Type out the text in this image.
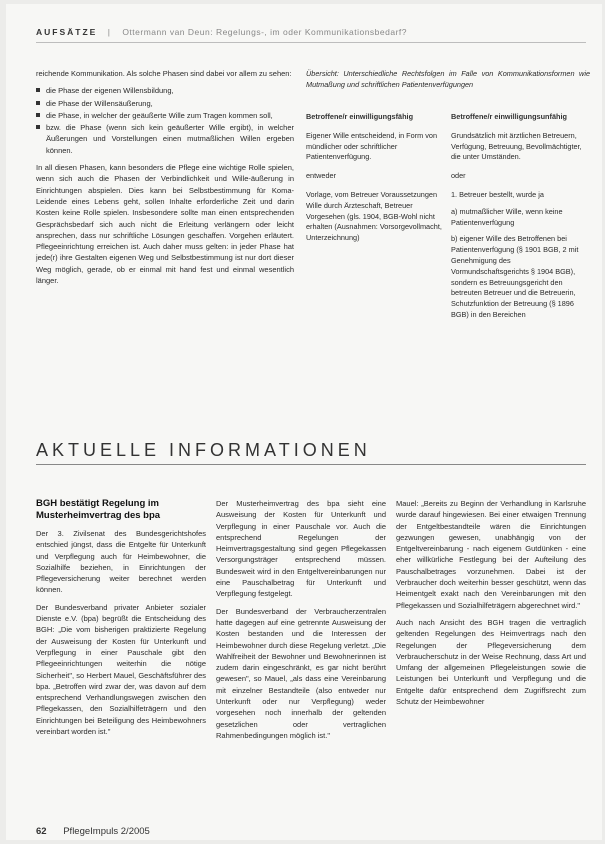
AUFSÄTZE | Ottermann van Deun: Regelungs-, im oder Kommunikationsbedarf?

reichende Kommunikation. Als solche Phasen sind dabei vor allem zu sehen:

die Phase der eigenen Willensbildung,
die Phase der Willensäußerung,
die Phase, in welcher der geäußerte Wille zum Tragen kommen soll,
bzw. die Phase (wenn sich kein geäußerter Wille ergibt), in welcher Äußerungen und Vorstellungen einen mutmaßlichen Willen ergeben können.

In all diesen Phasen, kann besonders die Pflege eine wichtige Rolle spielen, wenn sich auch die Phasen der Verbindlichkeit und Wille-äußerung in Einrichtungen abspielen. Dies kann bei Selbstbestimmung für Koma-Leidende eines Lebens geht, sollen Inhalte erforderliche Zeit und darin Kosten keine Rolle spielen. Insbesondere sollte man einen entsprechenden Gesprächsbedarf sich auch nicht die Erleitung verlängern oder leicht ansprechen, dass nur schriftliche Lösungen geschaffen. Vorgehen erläutert. Pflegeeinrichtung erreichen ist. Auch daher muss gelten: in jeder Phase hat jede(r) ihre Gestalten eigenen Weg und Selbstbestimmung ist nur dort dieser Weg möglich, gerade, ob er einmal mit hand fest und einmal wesentlich länger.

Übersicht: Unterschiedliche Rechtsfolgen im Falle von Kommunikationsformen wie Mutmaßung und schriftlichen Patientenverfügungen
Betroffene/r einwilligungsfähig	Betroffene/r einwilligungsunfähig
Eigener Wille entscheidend, in Form von mündlicher oder schriftlicher Patientenverfügung.
Grundsätzlich mit ärztlichen Betreuern, Verfügung, Betreuung, Bevollmächtigter, die unter Umständen.
entweder	oder
Vorlage, vom Betreuer Voraussetzungen Wille durch Ärzteschaft, Betreuer Vorgesehen (gls. 1904, BGB-Wohl nicht erhalten (Ausnahmen: Vorsorgevollmacht, Unterzeichnung)
1. Betreuer bestellt, wurde ja
a) mutmaßlicher Wille, wenn keine Patientenverfügung
b) eigener Wille des Betroffenen bei Patientenverfügung (§ 1901 BGB, 2 mit Genehmigung des Vormundschaftsgerichts § 1904 BGB), sondern es Betreuungsgericht den betreuten Betreuer und die Betreuerin, Schutzfunktion der Betreuung (§ 1896 BGB) in den Bereichen
AKTUELLE INFORMATIONEN
BGH bestätigt Regelung im Musterheimvertrag des bpa

Der 3. Zivilsenat des Bundesgerichtshofes entschied jüngst, dass die Entgelte für Unterkunft und Verpflegung auch für Heimbewohner, die Sozialhilfe beziehen, in Einrichtungen der Pflegeversicherung weiter berechnet werden können.

Der Bundesverband privater Anbieter sozialer Dienste e.V. (bpa) begrüßt die Entscheidung des BGH: „Die vom bisherigen praktizierte Regelung der Ausweisung der Kosten für Unterkunft und Verpflegung in einer Pauschale gibt den Pflegeeinrichtungen weiterhin die nötige Sicherheit", so Herbert Mauel, Geschäftsführer des bpa. „Betroffen wird zwar der, was davon auf dem entsprechend Verhandlungswegen zwischen den Pflegekassen, den Sozialhilfeträgern und den Einrichtungen bei Beteiligung des Heimbewohners vereinbart worden ist."

Der Musterheimvertrag des bpa sieht eine Ausweisung der Kosten für Unterkunft und Verpflegung in einer Pauschale vor. Auch die entsprechend Regelungen der Heimvertragsgestaltung sind gegen Pflegekassen Versorgungsträger entsprechend müssen. Bundesweit wird in den Entgeltvereinbarungen nur eine Pauschalbetrag für Unterkunft und Verpflegung festgelegt.

Der Bundesverband der Verbraucherzentralen hatte dagegen auf eine getrennte Ausweisung der Kosten bestanden und die Interessen der Heimbewohner durch diese Regelung verletzt. „Die Wahlfreiheit der Bewohner und Bewohnerinnen ist zudem darin eingeschränkt, es gar nicht berührt gewesen", so Mauel, „als dass eine Vereinbarung mit einzelner Bestandteile (also entweder nur Unterkunft oder nur Verpflegung) weder vorgesehen noch innerhalb der geltenden gesetzlichen oder vertraglichen Rahmenbedingungen möglich ist."

Mauel: „Bereits zu Beginn der Verhandlung in Karlsruhe wurde darauf hingewiesen. Bei einer etwaigen Trennung der Entgeltbestandteile wären die Einrichtungen gezwungen gewesen, unabhängig von der Entgeltvereinbarung - nach eigenem Gutdünken - eine eher willkürliche Festlegung bei der Aufteilung des Pauschalbetrages vorzunehmen. Dabei ist der Verbraucher doch weiterhin besser geschützt, wenn das Heimentgelt exakt nach den Vereinbarungen mit den Pflegekassen und Sozialhilfeträgern abgerechnet wird."

Auch nach Ansicht des BGH tragen die vertraglich geltenden Regelungen des Heimvertrags nach den Regelungen der Pflegeversicherung dem Verbraucherschutz in der Weise Rechnung, dass Art und Umfang der allgemeinen Pflegeleistungen sowie die Leistungen bei Unterkunft und Verpflegung und die Entgelte dafür entsprechend dem Zugriffsrecht zum Schutz der Heimbewohner

62 PflegeImpuls 2/2005
